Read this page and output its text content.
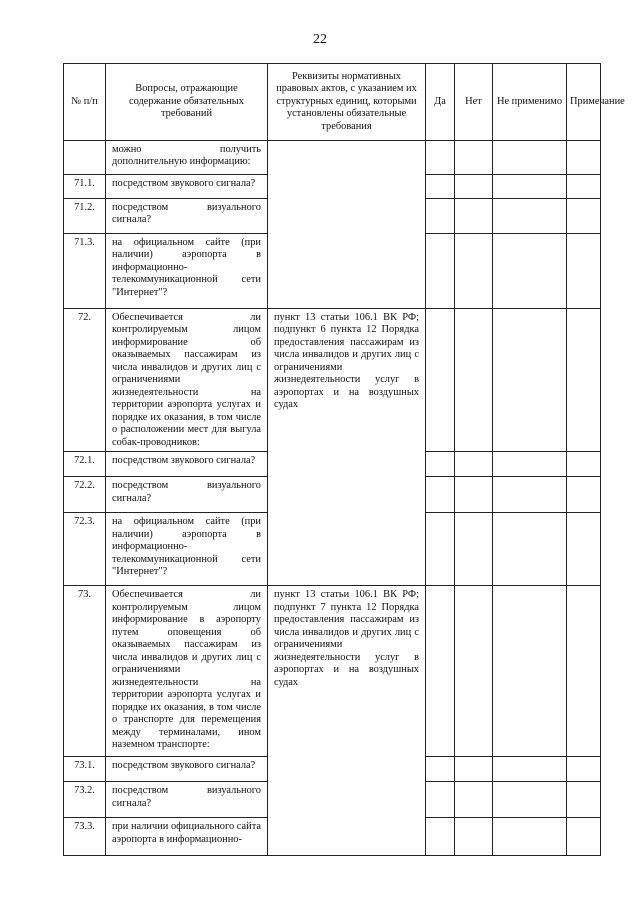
22
№ п/п	Вопросы, отражающие содержание обязательных требований	Реквизиты нормативных правовых актов, с указанием их структурных единиц, которыми установлены обязательные требования	Да	Нет	Не применимо	Примечание
	можно получить дополнительную информацию:					
71.1.	посредством звукового сигнала?					
71.2.	посредством визуального сигнала?					
71.3.	на официальном сайте (при наличии) аэропорта в информационно-телекоммуникационной сети "Интернет"?					
72.	Обеспечивается ли контролируемым лицом информирование об оказываемых пассажирам из числа инвалидов и других лиц с ограничениями жизнедеятельности на территории аэропорта услугах и порядке их оказания, в том числе о расположении мест для выгула собак-проводников:	пункт 13 статьи 106.1 ВК РФ; подпункт 6 пункта 12 Порядка предоставления пассажирам из числа инвалидов и других лиц с ограничениями жизнедеятельности услуг в аэропортах и на воздушных судах				
72.1.	посредством звукового сигнала?					
72.2.	посредством визуального сигнала?					
72.3.	на официальном сайте (при наличии) аэропорта в информационно-телекоммуникационной сети "Интернет"?					
73.	Обеспечивается ли контролируемым лицом информирование в аэропорту путем оповещения об оказываемых пассажирам из числа инвалидов и других лиц с ограничениями жизнедеятельности на территории аэропорта услугах и порядке их оказания, в том числе о транспорте для перемещения между терминалами, ином наземном транспорте:	пункт 13 статьи 106.1 ВК РФ; подпункт 7 пункта 12 Порядка предоставления пассажирам из числа инвалидов и других лиц с ограничениями жизнедеятельности услуг в аэропортах и на воздушных судах				
73.1.	посредством звукового сигнала?					
73.2.	посредством визуального сигнала?					
73.3.	при наличии официального сайта аэропорта в информационно-					
